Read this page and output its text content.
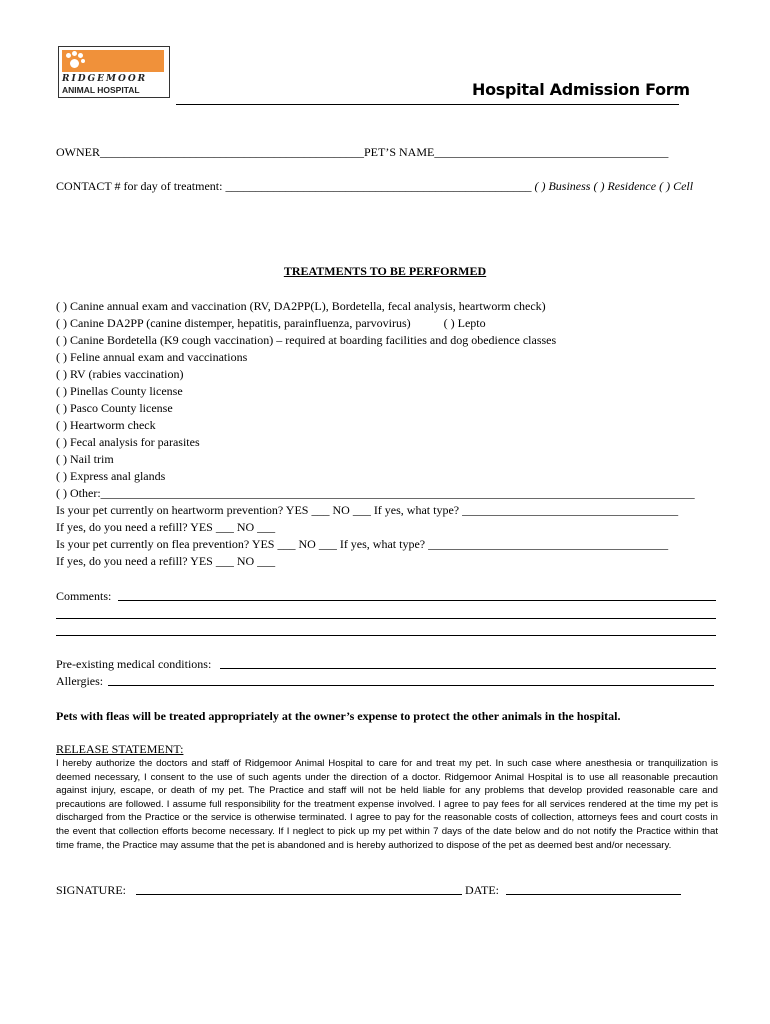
RIDGEMOOR
ANIMAL HOSPITAL	Hospital Admission Form
OWNER____________________________________________PET’S NAME_______________________________________
CONTACT # for day of treatment: ___________________________________________________ ( ) Business ( ) Residence ( ) Cell
TREATMENTS TO BE PERFORMED
( ) Canine annual exam and vaccination (RV, DA2PP(L), Bordetella, fecal analysis, heartworm check)
( ) Canine DA2PP (canine distemper, hepatitis, parainfluenza, parvovirus)           ( ) Lepto
( ) Canine Bordetella (K9 cough vaccination) – required at boarding facilities and dog obedience classes
( ) Feline annual exam and vaccinations
( ) RV (rabies vaccination)
( ) Pinellas County license
( ) Pasco County license
( ) Heartworm check
( ) Fecal analysis for parasites
( ) Nail trim
( ) Express anal glands
( ) Other:___________________________________________________________________________________________________
Is your pet currently on heartworm prevention? YES ___ NO ___ If yes, what type? ____________________________________
If yes, do you need a refill? YES ___ NO ___
Is your pet currently on flea prevention? YES ___ NO ___ If yes, what type? ________________________________________
If yes, do you need a refill? YES ___ NO ___
Comments:
Pre-existing medical conditions:
Allergies:
Pets with fleas will be treated appropriately at the owner’s expense to protect the other animals in the hospital.
RELEASE STATEMENT:
I hereby authorize the doctors and staff of Ridgemoor Animal Hospital to care for and treat my pet. In such case where anesthesia or tranquilization is deemed necessary, I consent to the use of such agents under the direction of a doctor. Ridgemoor Animal Hospital is to use all reasonable precaution against injury, escape, or death of my pet. The Practice and staff will not be held liable for any problems that develop provided reasonable care and precautions are followed. I assume full responsibility for the treatment expense involved. I agree to pay fees for all services rendered at the time my pet is discharged from the Practice or the service is otherwise terminated. I agree to pay for the reasonable costs of collection, attorneys fees and court costs in the event that collection efforts become necessary. If I neglect to pick up my pet within 7 days of the date below and do not notify the Practice within that time frame, the Practice may assume that the pet is abandoned and is hereby authorized to dispose of the pet as deemed best and/or necessary.
SIGNATURE:	DATE:
